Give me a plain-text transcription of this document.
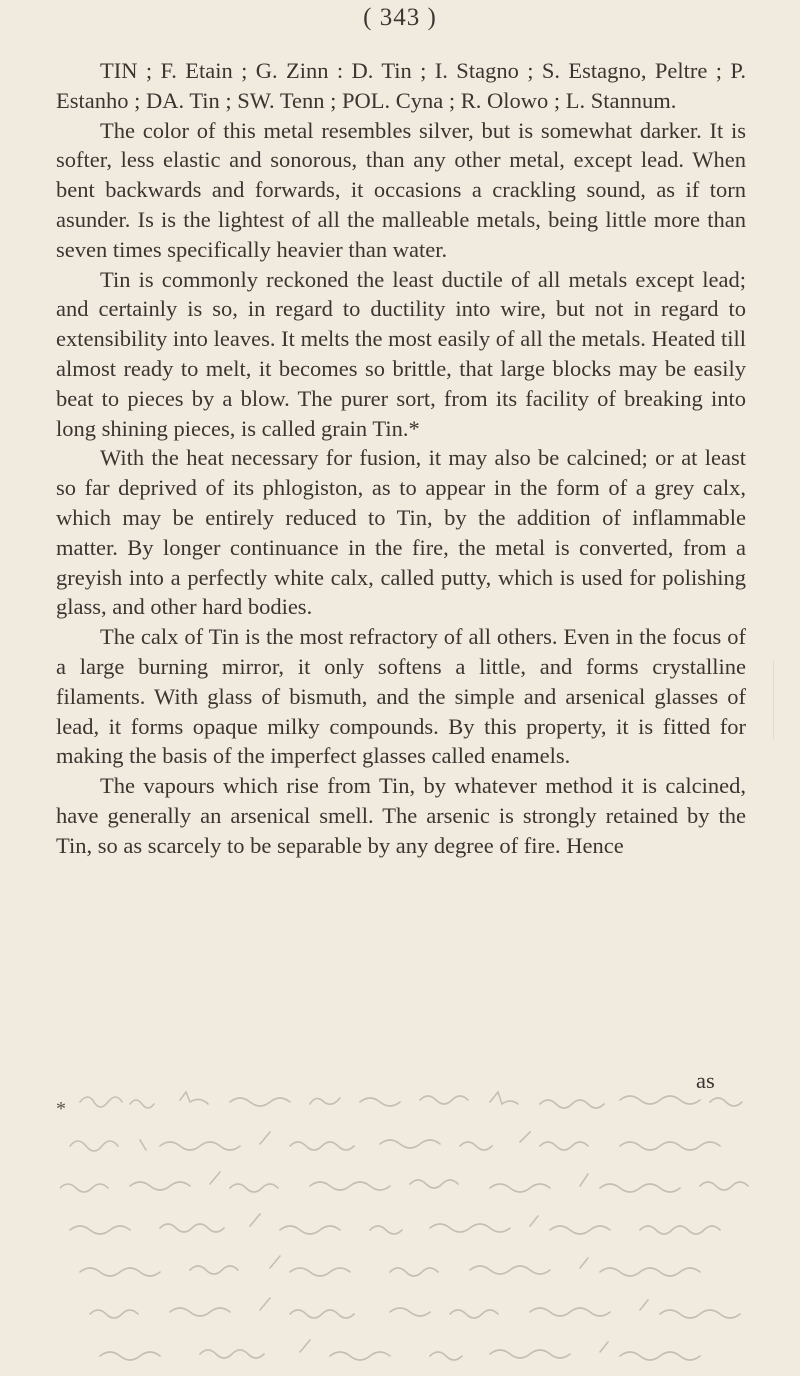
( 343 )

TIN ; F. Etain ; G. Zinn : D. Tin ; I. Stagno ; S. Estagno, Peltre ; P. Estanho ; DA. Tin ; SW. Tenn ; POL. Cyna ; R. Olowo ; L. Stannum.

The color of this metal resembles silver, but is somewhat darker. It is softer, less elastic and sonorous, than any other metal, except lead. When bent backwards and forwards, it occasions a crackling sound, as if torn asunder. Is is the lightest of all the malleable metals, being little more than seven times specifically heavier than water.

Tin is commonly reckoned the least ductile of all metals except lead; and certainly is so, in regard to ductility into wire, but not in regard to extensibility into leaves. It melts the most easily of all the metals. Heated till almost ready to melt, it becomes so brittle, that large blocks may be easily beat to pieces by a blow. The purer sort, from its facility of breaking into long shining pieces, is called grain Tin.*

With the heat necessary for fusion, it may also be calcined; or at least so far deprived of its phlogiston, as to appear in the form of a grey calx, which may be entirely reduced to Tin, by the addition of inflammable matter. By longer continuance in the fire, the metal is converted, from a greyish into a perfectly white calx, called putty, which is used for polishing glass, and other hard bodies.

The calx of Tin is the most refractory of all others. Even in the focus of a large burning mirror, it only softens a little, and forms crystalline filaments. With glass of bismuth, and the simple and arsenical glasses of lead, it forms opaque milky compounds. By this property, it is fitted for making the basis of the imperfect glasses called enamels.

The vapours which rise from Tin, by whatever method it is calcined, have generally an arsenical smell. The arsenic is strongly retained by the Tin, so as scarcely to be separable by any degree of fire. Hence

as
*
